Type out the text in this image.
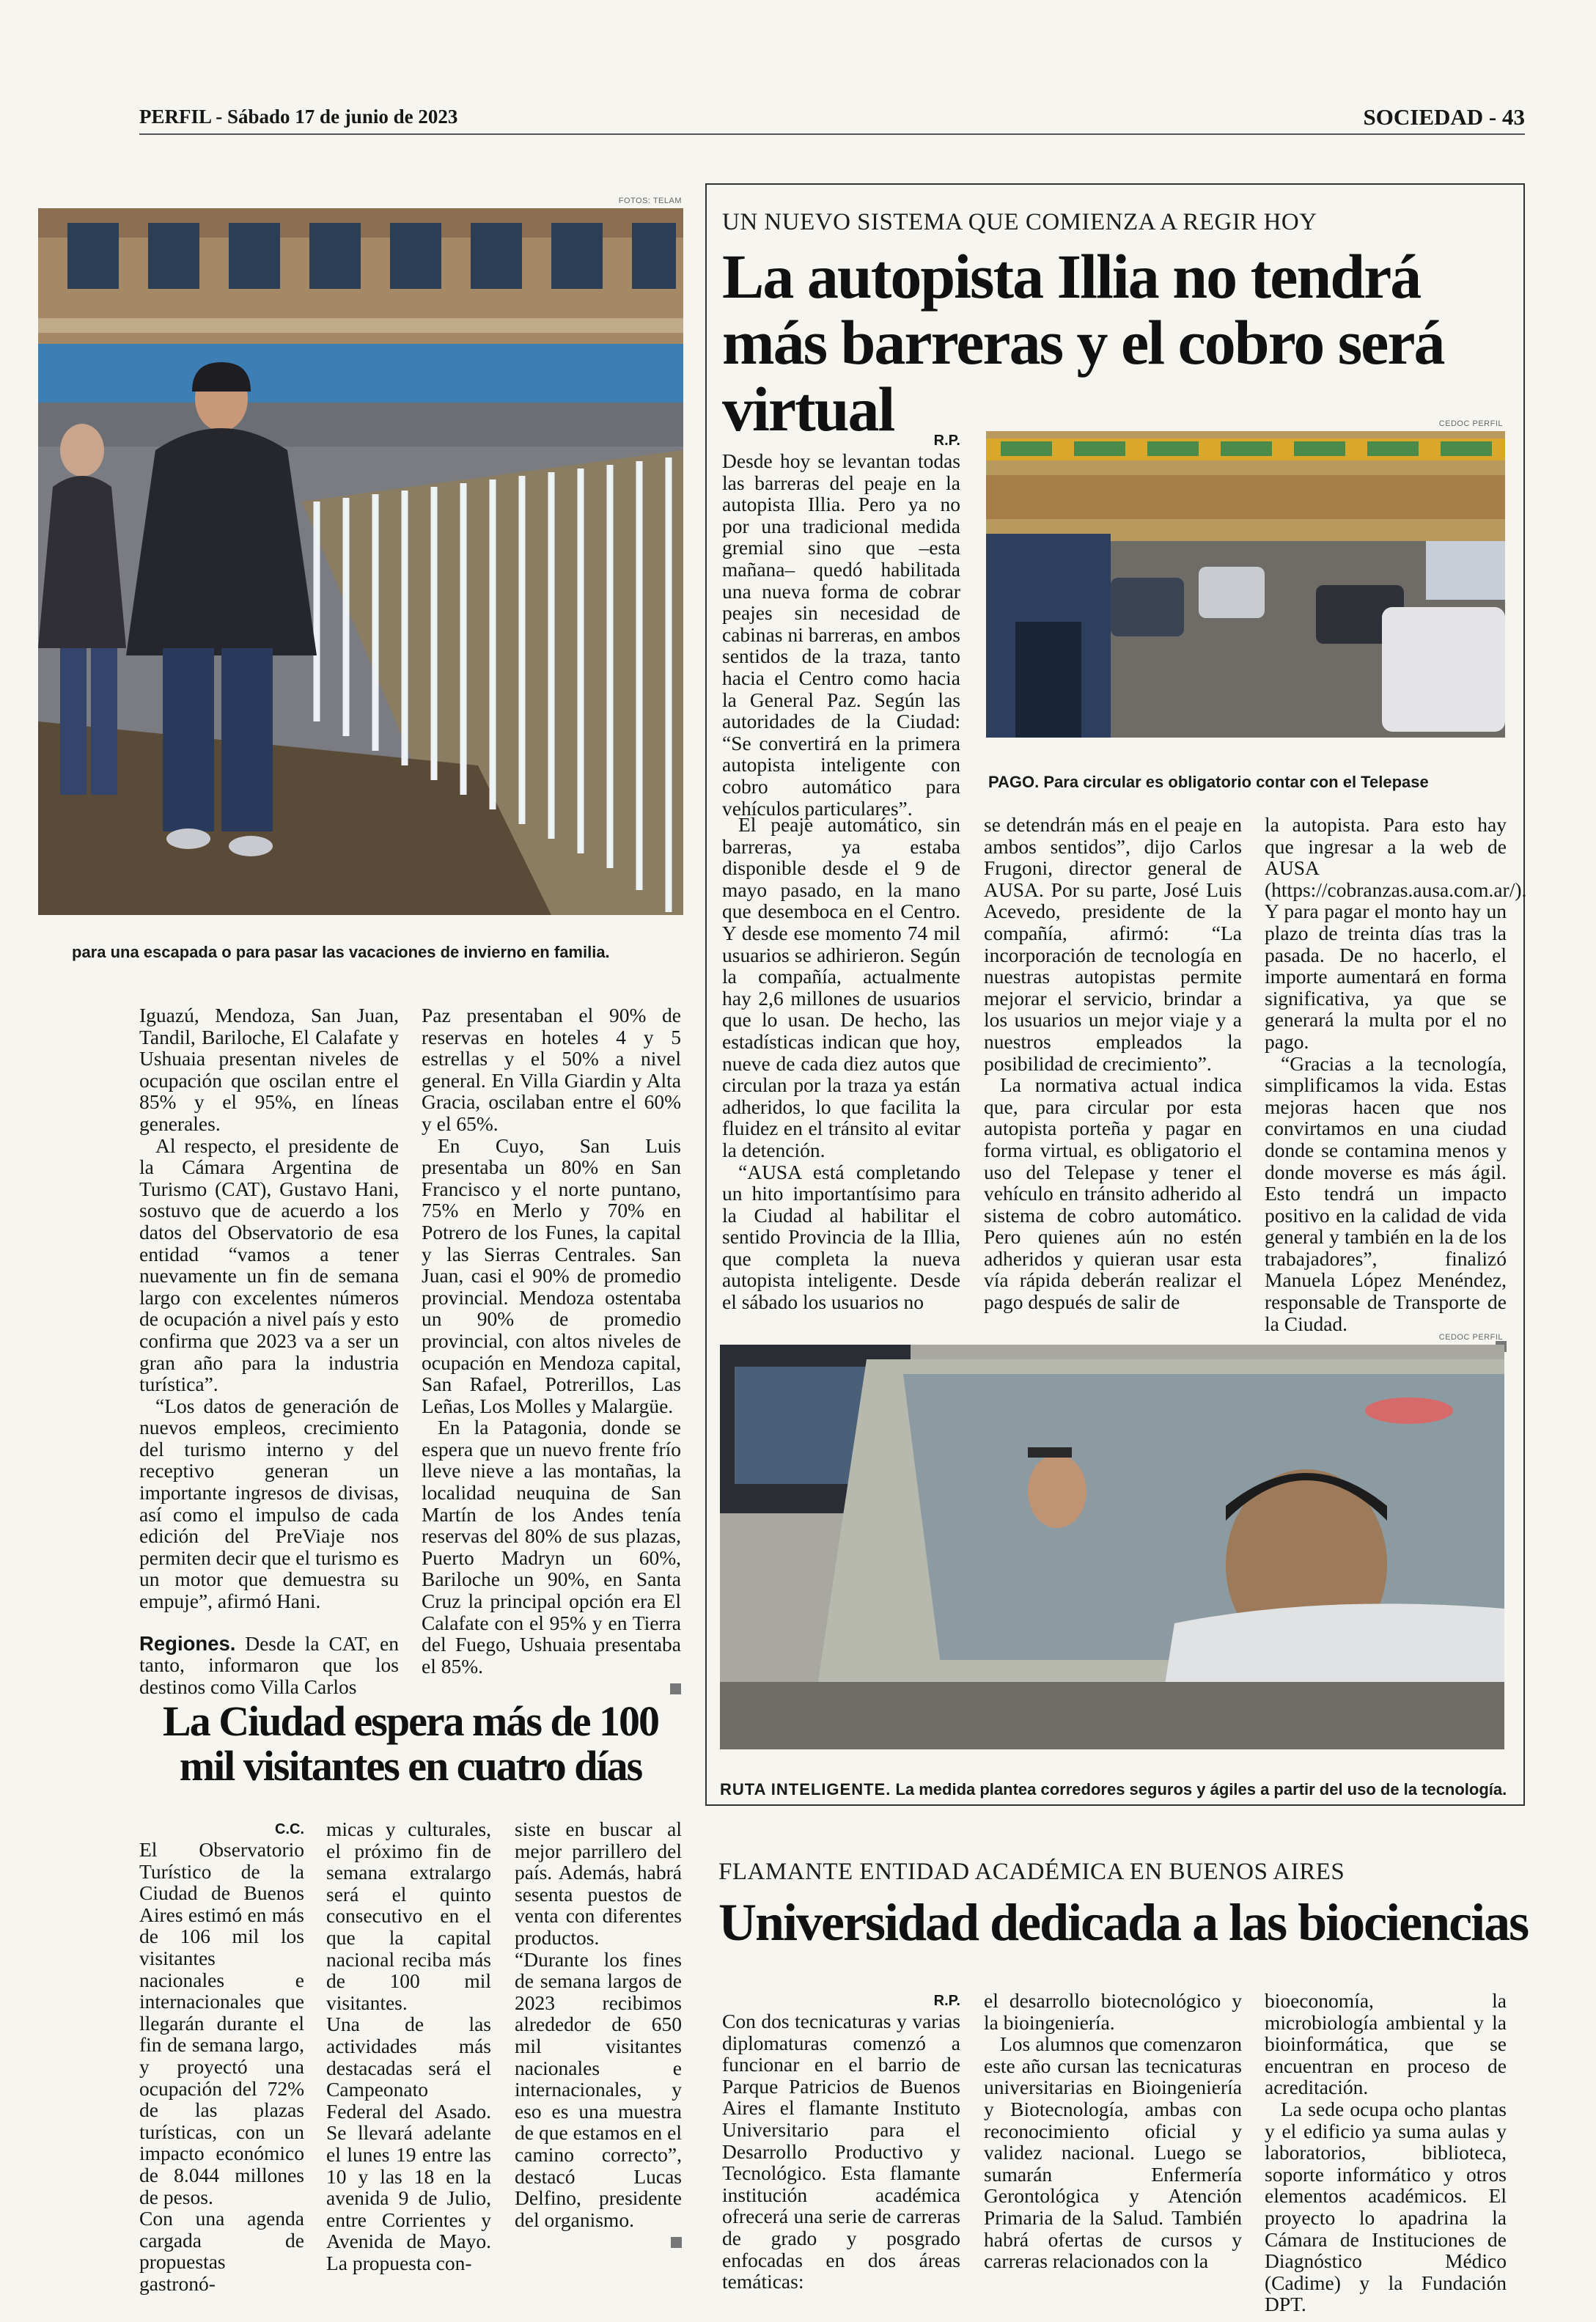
PERFIL - Sábado 17 de junio de 2023	SOCIEDAD - 43
FOTOS: TELAM
para una escapada o para pasar las vacaciones de invierno en familia.

Iguazú, Mendoza, San Juan, Tandil, Bariloche, El Calafate y Ushuaia presentan niveles de ocupación que oscilan entre el 85% y el 95%, en líneas generales.

Al respecto, el presidente de la Cámara Argentina de Turismo (CAT), Gustavo Hani, sostuvo que de acuerdo a los datos del Observatorio de esa entidad “vamos a tener nuevamente un fin de semana largo con excelentes números de ocupación a nivel país y esto confirma que 2023 va a ser un gran año para la industria turística”.

“Los datos de generación de nuevos empleos, crecimiento del turismo interno y del receptivo generan un importante ingresos de divisas, así como el impulso de cada edición del PreViaje nos permiten decir que el turismo es un motor que demuestra su empuje”, afirmó Hani.

Regiones. Desde la CAT, en tanto, informaron que los destinos como Villa Carlos

Paz presentaban el 90% de reservas en hoteles 4 y 5 estrellas y el 50% a nivel general. En Villa Giardin y Alta Gracia, oscilaban entre el 60% y el 65%.

En Cuyo, San Luis presentaba un 80% en San Francisco y el norte puntano, 75% en Merlo y 70% en Potrero de los Funes, la capital y las Sierras Centrales. San Juan, casi el 90% de promedio provincial. Mendoza ostentaba un 90% de promedio provincial, con altos niveles de ocupación en Mendoza capital, San Rafael, Potrerillos, Las Leñas, Los Molles y Malargüe.

En la Patagonia, donde se espera que un nuevo frente frío lleve nieve a las montañas, la localidad neuquina de San Martín de los Andes tenía reservas del 80% de sus plazas, Puerto Madryn un 60%, Bariloche un 90%, en Santa Cruz la principal opción era El Calafate con el 95% y en Tierra del Fuego, Ushuaia presentaba el 85%.

La Ciudad espera más de 100 mil visitantes en cuatro días
C.C.

El Observatorio Turístico de la Ciudad de Buenos Aires estimó en más de 106 mil los visitantes nacionales e internacionales que llegarán durante el fin de semana largo, y proyectó una ocupación del 72% de las plazas turísticas, con un impacto económico de 8.044 millones de pesos.

Con una agenda cargada de propuestas gastronó-

micas y culturales, el próximo fin de semana extralargo será el quinto consecutivo en el que la capital nacional reciba más de 100 mil visitantes.

Una de las actividades más destacadas será el Campeonato Federal del Asado. Se llevará adelante el lunes 19 entre las 10 y las 18 en la avenida 9 de Julio, entre Corrientes y Avenida de Mayo. La propuesta con-

siste en buscar al mejor parrillero del país. Además, habrá sesenta puestos de venta con diferentes productos.

“Durante los fines de semana largos de 2023 recibimos alrededor de 650 mil visitantes nacionales e internacionales, y eso es una muestra de que estamos en el camino correcto”, destacó Lucas Delfino, presidente del organismo.

UN NUEVO SISTEMA QUE COMIENZA A REGIR HOY
La autopista Illia no tendrá más barreras y el cobro será virtual	R.P.

Desde hoy se levantan todas las barreras del peaje en la autopista Illia. Pero ya no por una tradicional medida gremial sino que –esta mañana– quedó habilitada una nueva forma de cobrar peajes sin necesidad de cabinas ni barreras, en ambos sentidos de la traza, tanto hacia el Centro como hacia la General Paz. Según las autoridades de la Ciudad: “Se convertirá en la primera autopista inteligente con cobro automático para vehículos particulares”.

CEDOC PERFIL
PAGO. Para circular es obligatorio contar con el Telepase

El peaje automático, sin barreras, ya estaba disponible desde el 9 de mayo pasado, en la mano que desemboca en el Centro. Y desde ese momento 74 mil usuarios se adhirieron. Según la compañía, actualmente hay 2,6 millones de usuarios que lo usan. De hecho, las estadísticas indican que hoy, nueve de cada diez autos que circulan por la traza ya están adheridos, lo que facilita la fluidez en el tránsito al evitar la detención.

“AUSA está completando un hito importantísimo para la Ciudad al habilitar el sentido Provincia de la Illia, que completa la nueva autopista inteligente. Desde el sábado los usuarios no

se detendrán más en el peaje en ambos sentidos”, dijo Carlos Frugoni, director general de AUSA. Por su parte, José Luis Acevedo, presidente de la compañía, afirmó: “La incorporación de tecnología en nuestras autopistas permite mejorar el servicio, brindar a los usuarios un mejor viaje y a nuestros empleados la posibilidad de crecimiento”.

La normativa actual indica que, para circular por esta autopista porteña y pagar en forma virtual, es obligatorio el uso del Telepase y tener el vehículo en tránsito adherido al sistema de cobro automático. Pero quienes aún no estén adheridos y quieran usar esta vía rápida deberán realizar el pago después de salir de

la autopista. Para esto hay que ingresar a la web de AUSA (https://cobranzas.ausa.com.ar/). Y para pagar el monto hay un plazo de treinta días tras la pasada. De no hacerlo, el importe aumentará en forma significativa, ya que se generará la multa por el no pago.

“Gracias a la tecnología, simplificamos la vida. Estas mejoras hacen que nos convirtamos en una ciudad donde se contamina menos y donde moverse es más ágil. Esto tendrá un impacto positivo en la calidad de vida general y también en la de los trabajadores”, finalizó Manuela López Menéndez, responsable de Transporte de la Ciudad.

CEDOC PERFIL
RUTA INTELIGENTE. La medida plantea corredores seguros y ágiles a partir del uso de la tecnología.
FLAMANTE ENTIDAD ACADÉMICA EN BUENOS AIRES
Universidad dedicada a las biociencias
R.P.

Con dos tecnicaturas y varias diplomaturas comenzó a funcionar en el barrio de Parque Patricios de Buenos Aires el flamante Instituto Universitario para el Desarrollo Productivo y Tecnológico. Esta flamante institución académica ofrecerá una serie de carreras de grado y posgrado enfocadas en dos áreas temáticas:

el desarrollo biotecnológico y la bioingeniería.

Los alumnos que comenzaron este año cursan las tecnicaturas universitarias en Bioingeniería y Biotecnología, ambas con reconocimiento oficial y validez nacional. Luego se sumarán Enfermería Gerontológica y Atención Primaria de la Salud. También habrá ofertas de cursos y carreras relacionados con la

bioeconomía, la microbiología ambiental y la bioinformática, que se encuentran en proceso de acreditación.

La sede ocupa ocho plantas y el edificio ya suma aulas y laboratorios, biblioteca, soporte informático y otros elementos académicos. El proyecto lo apadrina la Cámara de Instituciones de Diagnóstico Médico (Cadime) y la Fundación DPT.
